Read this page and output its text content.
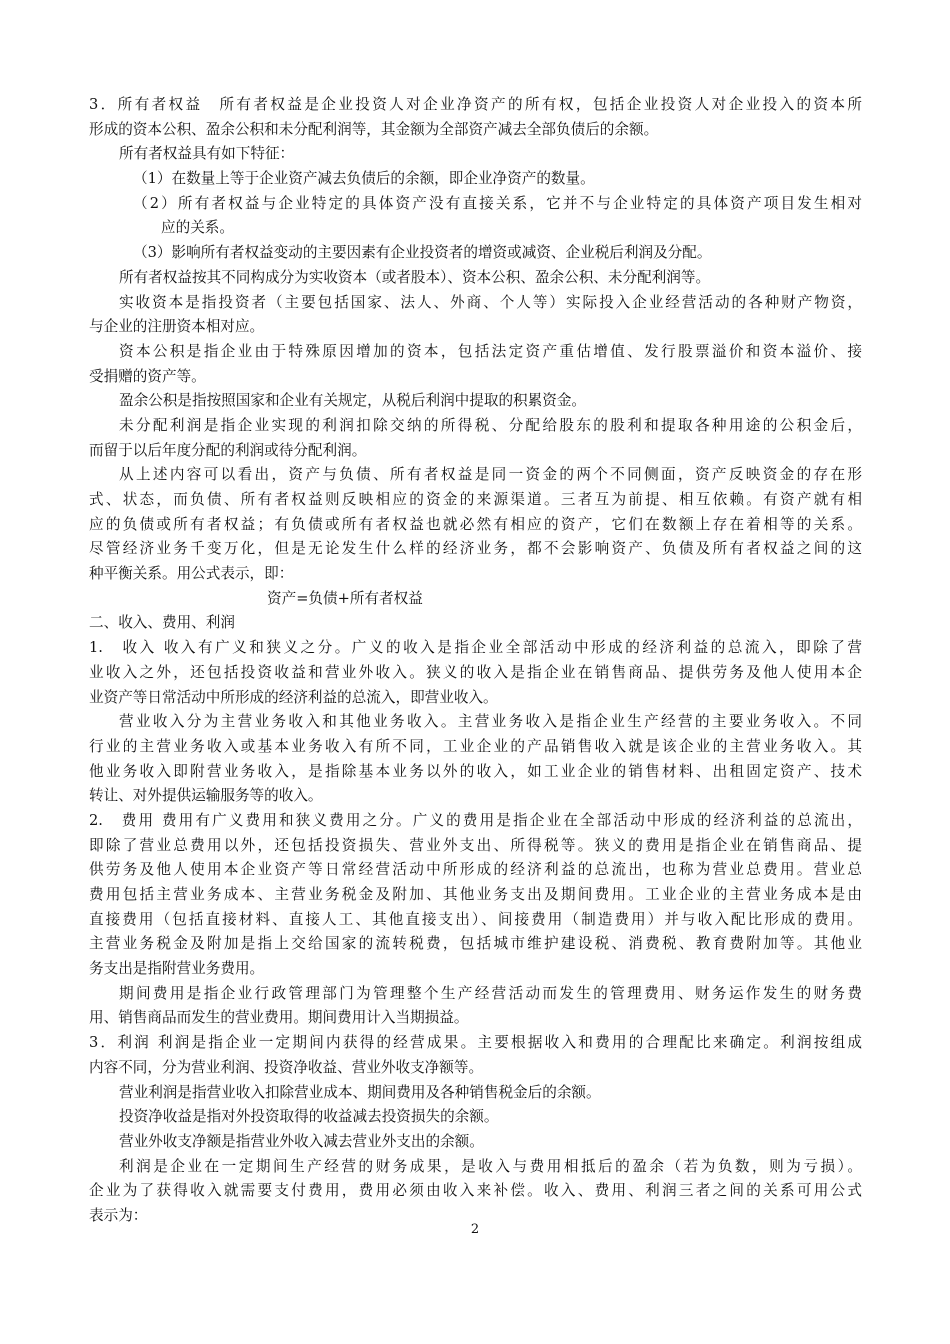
3．所有者权益　所有者权益是企业投资人对企业净资产的所有权，包括企业投资人对企业投入的资本所
形成的资本公积、盈余公积和未分配利润等，其金额为全部资产减去全部负债后的余额。
所有者权益具有如下特征：
（1）在数量上等于企业资产减去负债后的余额，即企业净资产的数量。
（2）所有者权益与企业特定的具体资产没有直接关系，它并不与企业特定的具体资产项目发生相对
应的关系。
（3）影响所有者权益变动的主要因素有企业投资者的增资或减资、企业税后利润及分配。
所有者权益按其不同构成分为实收资本（或者股本）、资本公积、盈余公积、未分配利润等。
实收资本是指投资者（主要包括国家、法人、外商、个人等）实际投入企业经营活动的各种财产物资，
与企业的注册资本相对应。
资本公积是指企业由于特殊原因增加的资本，包括法定资产重估增值、发行股票溢价和资本溢价、接
受捐赠的资产等。
盈余公积是指按照国家和企业有关规定，从税后利润中提取的积累资金。
未分配利润是指企业实现的利润扣除交纳的所得税、分配给股东的股利和提取各种用途的公积金后，
而留于以后年度分配的利润或待分配利润。
从上述内容可以看出，资产与负债、所有者权益是同一资金的两个不同侧面，资产反映资金的存在形
式、状态，而负债、所有者权益则反映相应的资金的来源渠道。三者互为前提、相互依赖。有资产就有相
应的负债或所有者权益；有负债或所有者权益也就必然有相应的资产，它们在数额上存在着相等的关系。
尽管经济业务千变万化，但是无论发生什么样的经济业务，都不会影响资产、负债及所有者权益之间的这
种平衡关系。用公式表示，即：
资产=负债+所有者权益
二、收入、费用、利润
1.　收入 收入有广义和狭义之分。广义的收入是指企业全部活动中形成的经济利益的总流入，即除了营
业收入之外，还包括投资收益和营业外收入。狭义的收入是指企业在销售商品、提供劳务及他人使用本企
业资产等日常活动中所形成的经济利益的总流入，即营业收入。
营业收入分为主营业务收入和其他业务收入。主营业务收入是指企业生产经营的主要业务收入。不同
行业的主营业务收入或基本业务收入有所不同，工业企业的产品销售收入就是该企业的主营业务收入。其
他业务收入即附营业务收入，是指除基本业务以外的收入，如工业企业的销售材料、出租固定资产、技术
转让、对外提供运输服务等的收入。
2.　费用 费用有广义费用和狭义费用之分。广义的费用是指企业在全部活动中形成的经济利益的总流出，
即除了营业总费用以外，还包括投资损失、营业外支出、所得税等。狭义的费用是指企业在销售商品、提
供劳务及他人使用本企业资产等日常经营活动中所形成的经济利益的总流出，也称为营业总费用。营业总
费用包括主营业务成本、主营业务税金及附加、其他业务支出及期间费用。工业企业的主营业务成本是由
直接费用（包括直接材料、直接人工、其他直接支出）、间接费用（制造费用）并与收入配比形成的费用。
主营业务税金及附加是指上交给国家的流转税费，包括城市维护建设税、消费税、教育费附加等。其他业
务支出是指附营业务费用。
期间费用是指企业行政管理部门为管理整个生产经营活动而发生的管理费用、财务运作发生的财务费
用、销售商品而发生的营业费用。期间费用计入当期损益。
3．利润 利润是指企业一定期间内获得的经营成果。主要根据收入和费用的合理配比来确定。利润按组成
内容不同，分为营业利润、投资净收益、营业外收支净额等。
营业利润是指营业收入扣除营业成本、期间费用及各种销售税金后的余额。
投资净收益是指对外投资取得的收益减去投资损失的余额。
营业外收支净额是指营业外收入减去营业外支出的余额。
利润是企业在一定期间生产经营的财务成果，是收入与费用相抵后的盈余（若为负数，则为亏损）。
企业为了获得收入就需要支付费用，费用必须由收入来补偿。收入、费用、利润三者之间的关系可用公式
表示为：
2
